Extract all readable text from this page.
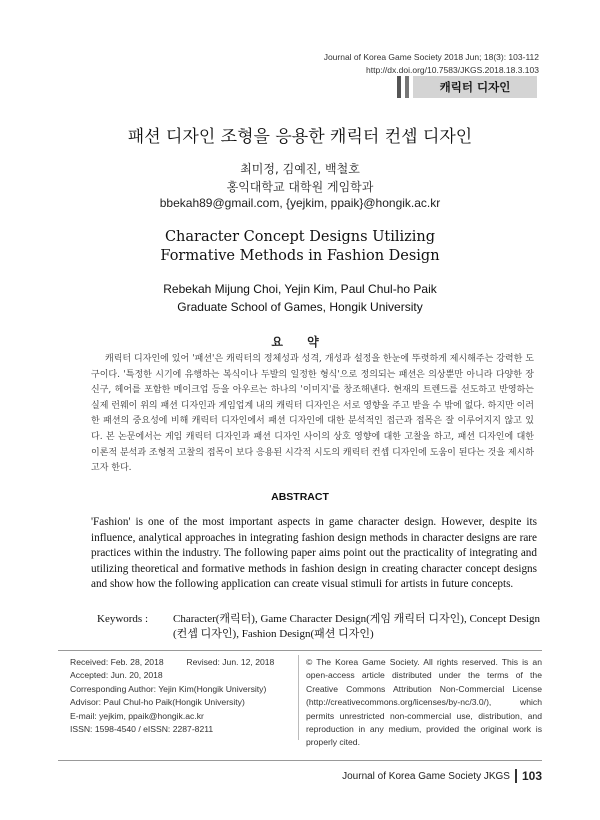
Journal of Korea Game Society 2018 Jun; 18(3): 103-112
http://dx.doi.org/10.7583/JKGS.2018.18.3.103
캐릭터 디자인
패션 디자인 조형을 응용한 캐릭터 컨셉 디자인
최미정, 김예진, 백철호
홍익대학교 대학원 게임학과
bbekah89@gmail.com, {yejkim, ppaik}@hongik.ac.kr
Character Concept Designs Utilizing
Formative Methods in Fashion Design
Rebekah Mijung Choi, Yejin Kim, Paul Chul-ho Paik
Graduate School of Games, Hongik University
요 약
캐릭터 디자인에 있어 '패션'은 캐릭터의 정체성과 성격, 개성과 설정을 한눈에 뚜렷하게 제시해주는 강력한 도구이다. '특정한 시기에 유행하는 복식이나 두발의 일정한 형식'으로 정의되는 패션은 의상뿐만 아니라 다양한 장신구, 헤어를 포함한 메이크업 등을 아우르는 하나의 '이미지'를 창조해낸다. 현재의 트렌드를 선도하고 반영하는 실제 런웨이 위의 패션 디자인과 게임업계 내의 캐릭터 디자인은 서로 영향을 주고 받을 수 밖에 없다. 하지만 이러한 패션의 중요성에 비해 캐릭터 디자인에서 패션 디자인에 대한 분석적인 접근과 접목은 잘 이루어지지 않고 있다. 본 논문에서는 게임 캐릭터 디자인과 패션 디자인 사이의 상호 영향에 대한 고찰을 하고, 패션 디자인에 대한 이론적 분석과 조형적 고찰의 접목이 보다 응용된 시각적 시도의 캐릭터 컨셉 디자인에 도움이 된다는 것을 제시하고자 한다.
ABSTRACT
'Fashion' is one of the most important aspects in game character design. However, despite its influence, analytical approaches in integrating fashion design methods in character designs are rare practices within the industry. The following paper aims point out the practicality of integrating and utilizing theoretical and formative methods in fashion design in creating character concept designs and show how the following application can create visual stimuli for artists in future concepts.
Keywords : Character(캐릭터), Game Character Design(게임 캐릭터 디자인), Concept Design (컨셉 디자인), Fashion Design(패션 디자인)
Received: Feb. 28, 2018	Revised: Jun. 12, 2018
Accepted: Jun. 20, 2018
Corresponding Author: Yejin Kim(Hongik University)
Advisor: Paul Chul-ho Paik(Hongik University)
E-mail: yejkim, ppaik@hongik.ac.kr
ISSN: 1598-4540 / eISSN: 2287-8211
© The Korea Game Society. All rights reserved. This is an open-access article distributed under the terms of the Creative Commons Attribution Non-Commercial License (http://creativecommons.org/licenses/by-nc/3.0/), which permits unrestricted non-commercial use, distribution, and reproduction in any medium, provided the original work is properly cited.
Journal of Korea Game Society JKGS 103
